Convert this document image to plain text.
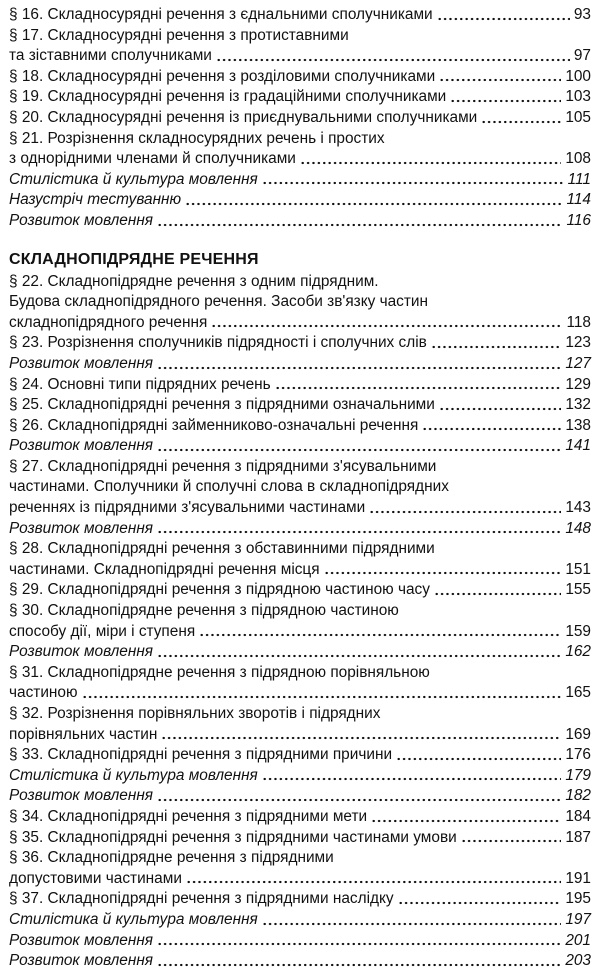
§ 16. Складносурядні речення з єднальними сполучниками	93
§ 17. Складносурядні речення з протиставними
та зіставними сполучниками	97
§ 18. Складносурядні речення з розділовими сполучниками	100
§ 19. Складносурядні речення із градаційними сполучниками	103
§ 20. Складносурядні речення із приєднувальними сполучниками	105
§ 21. Розрізнення складносурядних речень і простих
з однорідними членами й сполучниками	108
Стилістика й культура мовлення	111
Назустріч тестуванню	114
Розвиток мовлення	116
СКЛАДНОПІДРЯДНЕ РЕЧЕННЯ
§ 22. Складнопідрядне речення з одним підрядним.
Будова складнопідрядного речення. Засоби зв'язку частин
складнопідрядного речення	118
§ 23. Розрізнення сполучників підрядності і сполучних слів	123
Розвиток мовлення	127
§ 24. Основні типи підрядних речень	129
§ 25. Складнопідрядні речення з підрядними означальними	132
§ 26. Складнопідрядні займенниково-означальні речення	138
Розвиток мовлення	141
§ 27. Складнопідрядні речення з підрядними з'ясувальними
частинами. Сполучники й сполучні слова в складнопідрядних
реченнях із підрядними з'ясувальними частинами	143
Розвиток мовлення	148
§ 28. Складнопідрядні речення з обставинними підрядними
частинами. Складнопідрядні речення місця	151
§ 29. Складнопідрядні речення з підрядною частиною часу	155
§ 30. Складнопідрядне речення з підрядною частиною
способу дії, міри і ступеня	159
Розвиток мовлення	162
§ 31. Складнопідрядне речення з підрядною порівняльною
частиною	165
§ 32. Розрізнення порівняльних зворотів і підрядних
порівняльних частин	169
§ 33. Складнопідрядні речення з підрядними причини	176
Стилістика й культура мовлення	179
Розвиток мовлення	182
§ 34. Складнопідрядні речення з підрядними мети	184
§ 35. Складнопідрядні речення з підрядними частинами умови	187
§ 36. Складнопідрядне речення з підрядними
допустовими частинами	191
§ 37. Складнопідрядні речення з підрядними наслідку	195
Стилістика й культура мовлення	197
Розвиток мовлення	201
Розвиток мовлення	203
